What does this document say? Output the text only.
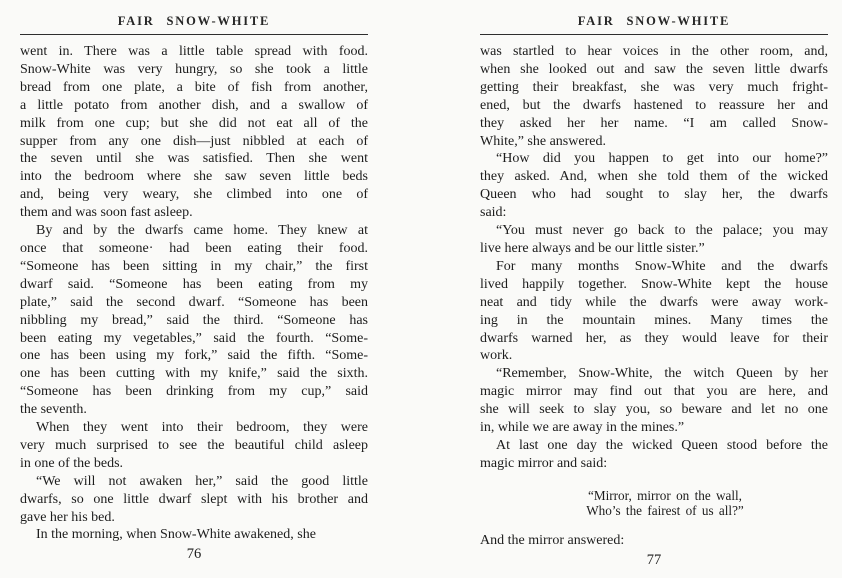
FAIR SNOW-WHITE
went in. There was a little table spread with food.
Snow-White was very hungry, so she took a little
bread from one plate, a bite of fish from another,
a little potato from another dish, and a swallow of
milk from one cup; but she did not eat all of the
supper from any one dish—just nibbled at each of
the seven until she was satisfied. Then she went
into the bedroom where she saw seven little beds
and, being very weary, she climbed into one of
them and was soon fast asleep.
By and by the dwarfs came home. They knew at
once that someone· had been eating their food.
“Someone has been sitting in my chair,” the first
dwarf said. “Someone has been eating from my
plate,” said the second dwarf. “Someone has been
nibbling my bread,” said the third. “Someone has
been eating my vegetables,” said the fourth. “Some-
one has been using my fork,” said the fifth. “Some-
one has been cutting with my knife,” said the sixth.
“Someone has been drinking from my cup,” said
the seventh.
When they went into their bedroom, they were
very much surprised to see the beautiful child asleep
in one of the beds.
“We will not awaken her,” said the good little
dwarfs, so one little dwarf slept with his brother and
gave her his bed.
In the morning, when Snow-White awakened, she
76
FAIR SNOW-WHITE
was startled to hear voices in the other room, and,
when she looked out and saw the seven little dwarfs
getting their breakfast, she was very much fright-
ened, but the dwarfs hastened to reassure her and
they asked her her name. “I am called Snow-
White,” she answered.
“How did you happen to get into our home?”
they asked. And, when she told them of the wicked
Queen who had sought to slay her, the dwarfs
said:
“You must never go back to the palace; you may
live here always and be our little sister.”
For many months Snow-White and the dwarfs
lived happily together. Snow-White kept the house
neat and tidy while the dwarfs were away work-
ing in the mountain mines. Many times the
dwarfs warned her, as they would leave for their
work.
“Remember, Snow-White, the witch Queen by her
magic mirror may find out that you are here, and
she will seek to slay you, so beware and let no one
in, while we are away in the mines.”
At last one day the wicked Queen stood before the
magic mirror and said:
“Mirror, mirror on the wall,
Who’s the fairest of us all?”
And the mirror answered:
77
